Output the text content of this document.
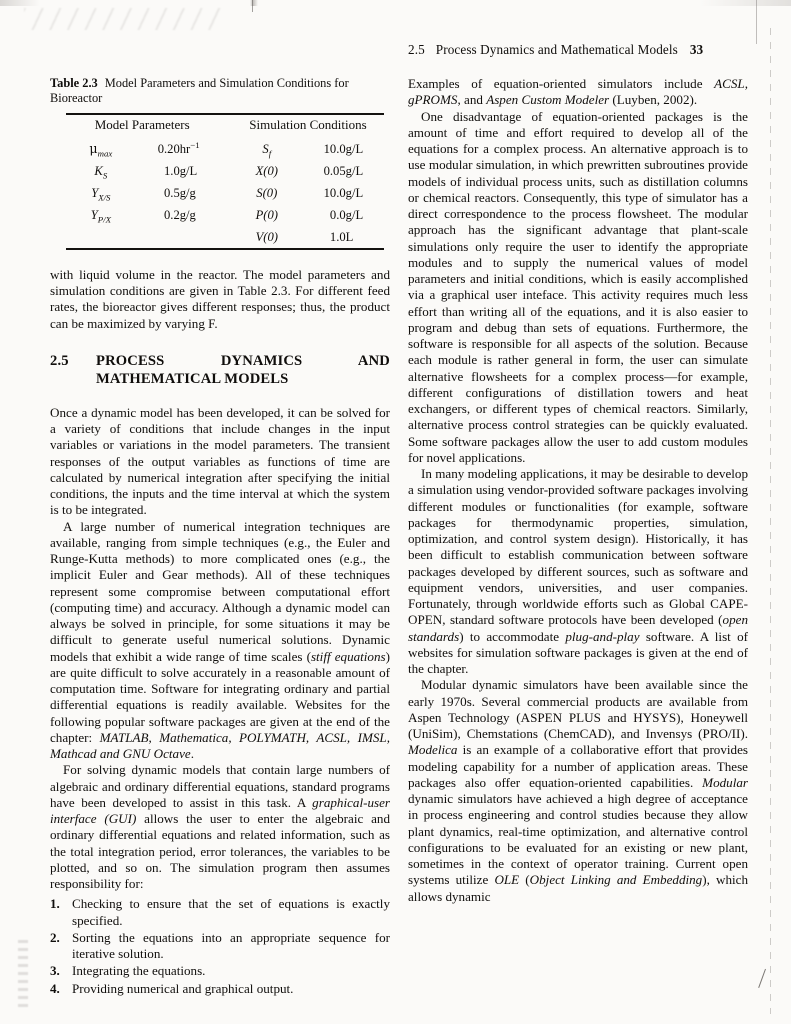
2.5 Process Dynamics and Mathematical Models 33
Table 2.3 Model Parameters and Simulation Conditions for Bioreactor
Model Parameters				Simulation Conditions		
$\mu_{max}$	0.20	$hr^{-1}$		$S_f$	10.0	g/L
$K_S$	1.0	g/L		X(0)	0.05	g/L
$Y_{X/S}$	0.5	g/g		S(0)	10.0	g/L
$Y_{P/X}$	0.2	g/g		P(0)	0.0	g/L
				V(0)	1.0	L

with liquid volume in the reactor. The model parameters and simulation conditions are given in Table 2.3. For different feed rates, the bioreactor gives different responses; thus, the product can be maximized by varying F.

2.5	PROCESS DYNAMICS AND MATHEMATICAL MODELS

Once a dynamic model has been developed, it can be solved for a variety of conditions that include changes in the input variables or variations in the model parameters. The transient responses of the output variables as functions of time are calculated by numerical integration after specifying the initial conditions, the inputs and the time interval at which the system is to be integrated.

A large number of numerical integration techniques are available, ranging from simple techniques (e.g., the Euler and Runge-Kutta methods) to more complicated ones (e.g., the implicit Euler and Gear methods). All of these techniques represent some compromise between computational effort (computing time) and accuracy. Although a dynamic model can always be solved in principle, for some situations it may be difficult to generate useful numerical solutions. Dynamic models that exhibit a wide range of time scales (stiff equations) are quite difficult to solve accurately in a reasonable amount of computation time. Software for integrating ordinary and partial differential equations is readily available. Websites for the following popular software packages are given at the end of the chapter: MATLAB, Mathematica, POLYMATH, ACSL, IMSL, Mathcad and GNU Octave.

For solving dynamic models that contain large numbers of algebraic and ordinary differential equations, standard programs have been developed to assist in this task. A graphical-user interface (GUI) allows the user to enter the algebraic and ordinary differential equations and related information, such as the total integration period, error tolerances, the variables to be plotted, and so on. The simulation program then assumes responsibility for:

Checking to ensure that the set of equations is exactly specified.
Sorting the equations into an appropriate sequence for iterative solution.
Integrating the equations.
Providing numerical and graphical output.

Examples of equation-oriented simulators include ACSL, gPROMS, and Aspen Custom Modeler (Luyben, 2002).

One disadvantage of equation-oriented packages is the amount of time and effort required to develop all of the equations for a complex process. An alternative approach is to use modular simulation, in which prewritten subroutines provide models of individual process units, such as distillation columns or chemical reactors. Consequently, this type of simulator has a direct correspondence to the process flowsheet. The modular approach has the significant advantage that plant-scale simulations only require the user to identify the appropriate modules and to supply the numerical values of model parameters and initial conditions, which is easily accomplished via a graphical user inteface. This activity requires much less effort than writing all of the equations, and it is also easier to program and debug than sets of equations. Furthermore, the software is responsible for all aspects of the solution. Because each module is rather general in form, the user can simulate alternative flowsheets for a complex process—for example, different configurations of distillation towers and heat exchangers, or different types of chemical reactors. Similarly, alternative process control strategies can be quickly evaluated. Some software packages allow the user to add custom modules for novel applications.

In many modeling applications, it may be desirable to develop a simulation using vendor-provided software packages involving different modules or functionalities (for example, software packages for thermodynamic properties, simulation, optimization, and control system design). Historically, it has been difficult to establish communication between software packages developed by different sources, such as software and equipment vendors, universities, and user companies. Fortunately, through worldwide efforts such as Global CAPE-OPEN, standard software protocols have been developed (open standards) to accommodate plug-and-play software. A list of websites for simulation software packages is given at the end of the chapter.

Modular dynamic simulators have been available since the early 1970s. Several commercial products are available from Aspen Technology (ASPEN PLUS and HYSYS), Honeywell (UniSim), Chemstations (ChemCAD), and Invensys (PRO/II). Modelica is an example of a collaborative effort that provides modeling capability for a number of application areas. These packages also offer equation-oriented capabilities. Modular dynamic simulators have achieved a high degree of acceptance in process engineering and control studies because they allow plant dynamics, real-time optimization, and alternative control configurations to be evaluated for an existing or new plant, sometimes in the context of operator training. Current open systems utilize OLE (Object Linking and Embedding), which allows dynamic
